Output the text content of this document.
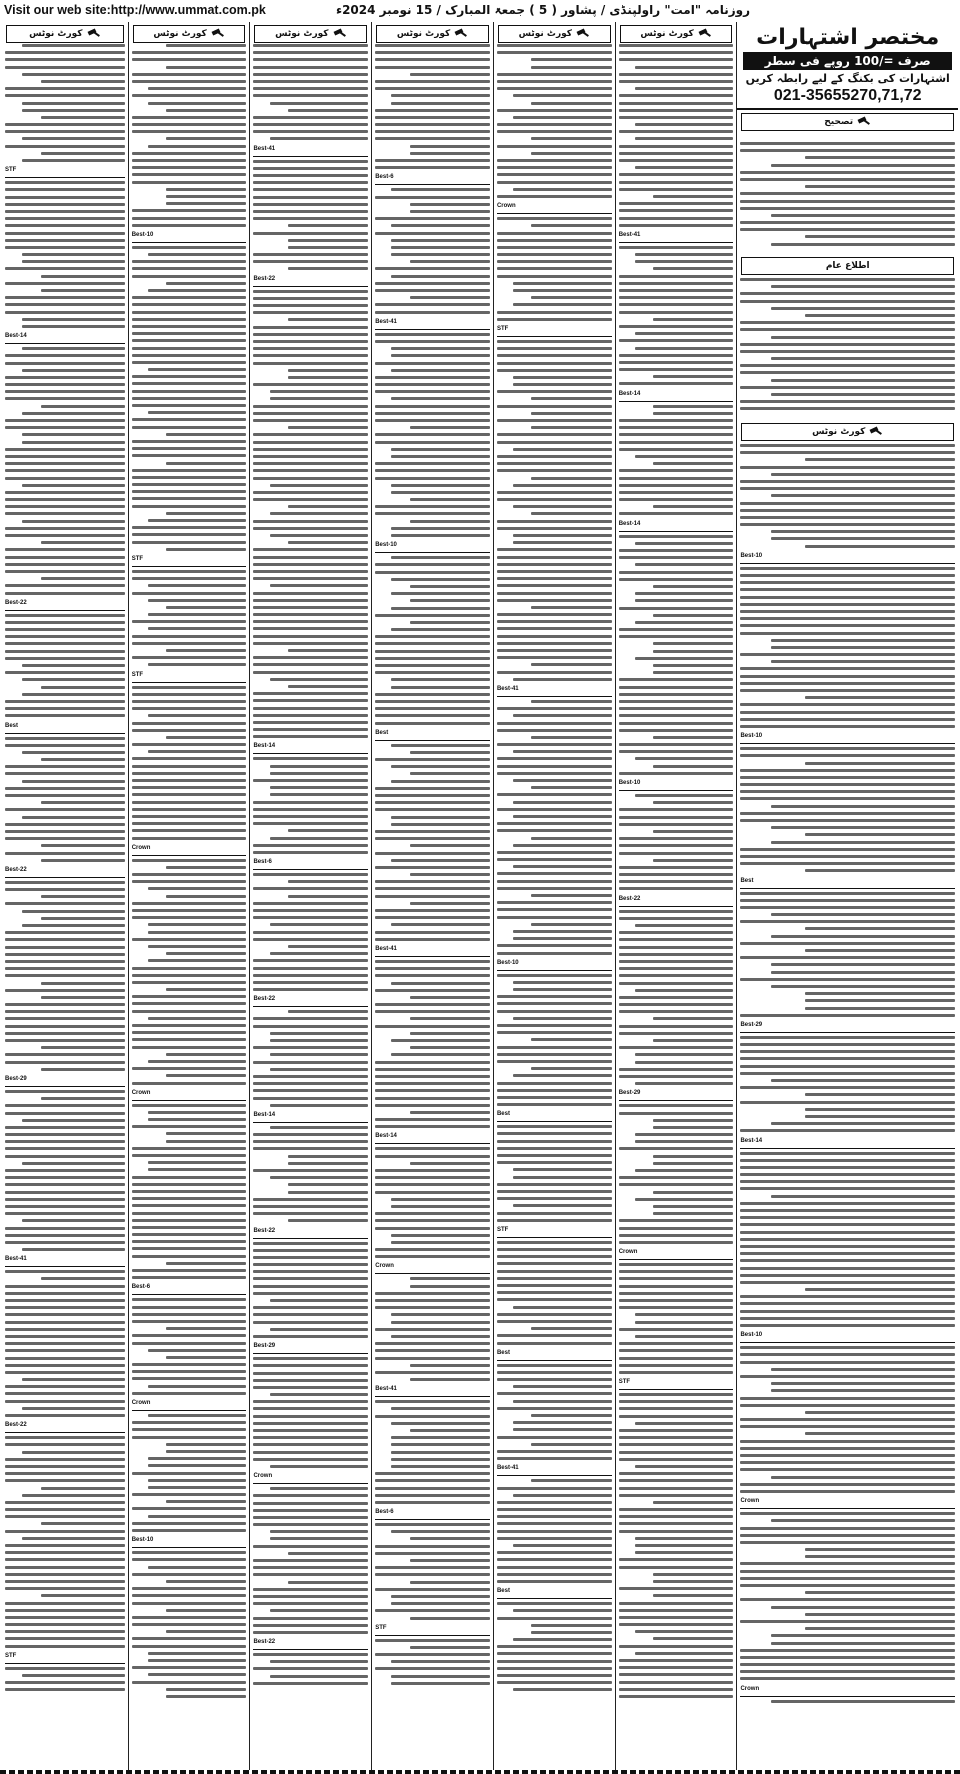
Visit our web site:http://www.ummat.com.pk	روزنامہ "امت" راولپنڈی / پشاور ( 5 ) جمعۃ المبارک / 15 نومبر 2024ء
مختصر اشتہارات
صرف =/100 روپے فی سطر
اشتہارات کی بکنگ کے لیے رابطہ کریں
021-35655270,71,72
تصحیح
اطلاع عام
کورٹ نوٹس
Best-10
Best-10
Best
Best-29
Best-14
Best-10
Crown
Crown
کورٹ نوٹس
Best-41
Best-14
Best-14
Best-10
Best-22
Best-29
Crown
STF
کورٹ نوٹس
Crown
STF
Best-41
Best-10
Best
STF
Best
Best-41
Best
کورٹ نوٹس
Best-6
Best-41
Best-10
Best
Best-41
Best-14
Crown
Best-41
Best-6
STF
کورٹ نوٹس
Best-41
Best-22
Best-14
Best-6
Best-22
Best-14
Best-22
Best-29
Crown
Best-22
کورٹ نوٹس
Best-10
STF
STF
Crown
Crown
Best-6
Crown
Best-10
کورٹ نوٹس
STF
Best-14
Best-22
Best
Best-22
Best-29
Best-41
Best-22
STF
